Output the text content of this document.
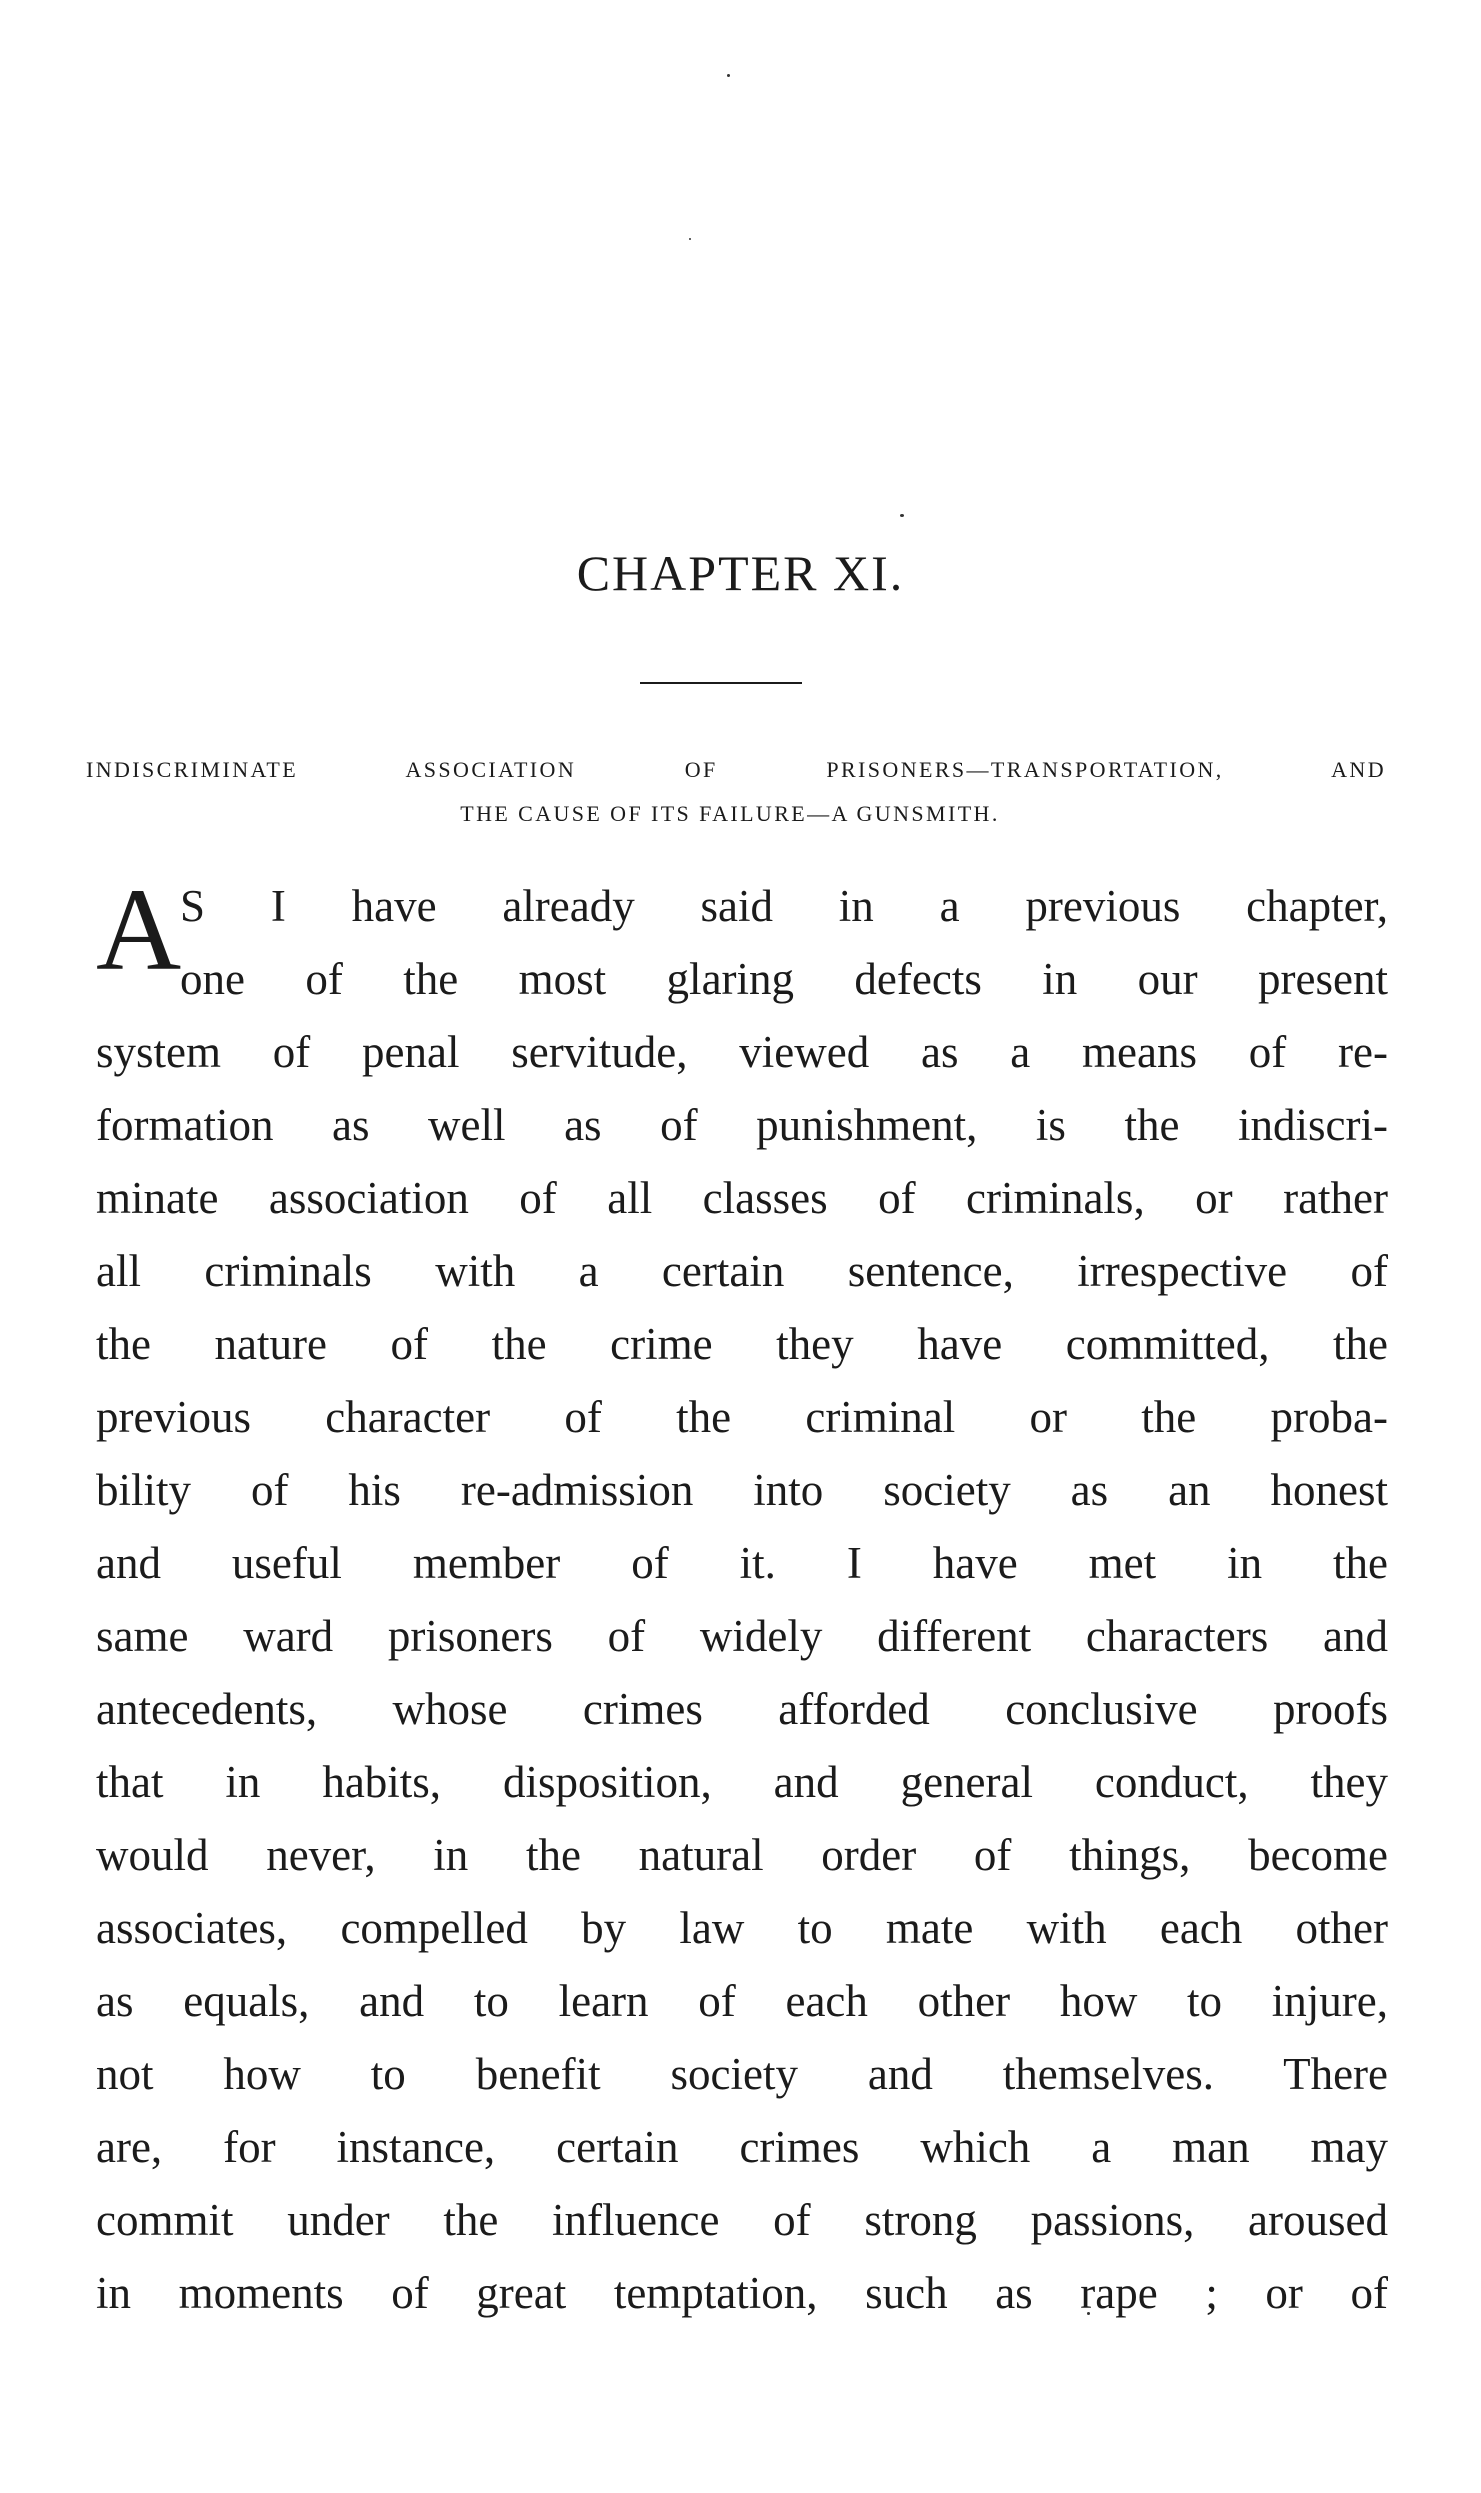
CHAPTER XI.
INDISCRIMINATE ASSOCIATION OF PRISONERS—TRANSPORTATION, AND
THE CAUSE OF ITS FAILURE—A GUNSMITH.
A
S I have already said in a previous chapter,
one of the most glaring defects in our present
system of penal servitude, viewed as a means of re-
formation as well as of punishment, is the indiscri-
minate association of all classes of criminals, or rather
all criminals with a certain sentence, irrespective of
the nature of the crime they have committed, the
previous character of the criminal or the proba-
bility of his re-admission into society as an honest
and useful member of it. I have met in the
same ward prisoners of widely different characters and
antecedents, whose crimes afforded conclusive proofs
that in habits, disposition, and general conduct, they
would never, in the natural order of things, become
associates, compelled by law to mate with each other
as equals, and to learn of each other how to injure,
not how to benefit society and themselves. There
are, for instance, certain crimes which a man may
commit under the influence of strong passions, aroused
in moments of great temptation, such as rape ; or of
